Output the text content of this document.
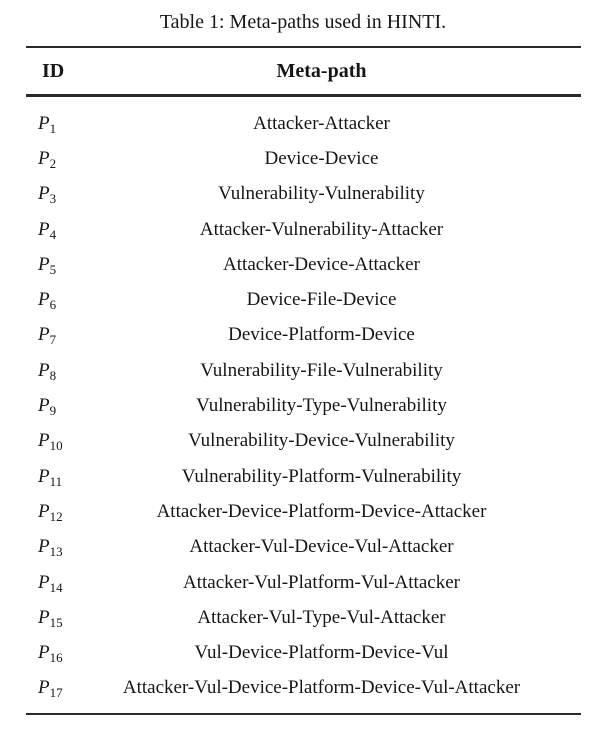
Table 1: Meta-paths used in HINTI.
ID	Meta-path
$P_1$	Attacker-Attacker
$P_2$	Device-Device
$P_3$	Vulnerability-Vulnerability
$P_4$	Attacker-Vulnerability-Attacker
$P_5$	Attacker-Device-Attacker
$P_6$	Device-File-Device
$P_7$	Device-Platform-Device
$P_8$	Vulnerability-File-Vulnerability
$P_9$	Vulnerability-Type-Vulnerability
$P_{10}$	Vulnerability-Device-Vulnerability
$P_{11}$	Vulnerability-Platform-Vulnerability
$P_{12}$	Attacker-Device-Platform-Device-Attacker
$P_{13}$	Attacker-Vul-Device-Vul-Attacker
$P_{14}$	Attacker-Vul-Platform-Vul-Attacker
$P_{15}$	Attacker-Vul-Type-Vul-Attacker
$P_{16}$	Vul-Device-Platform-Device-Vul
$P_{17}$	Attacker-Vul-Device-Platform-Device-Vul-Attacker
